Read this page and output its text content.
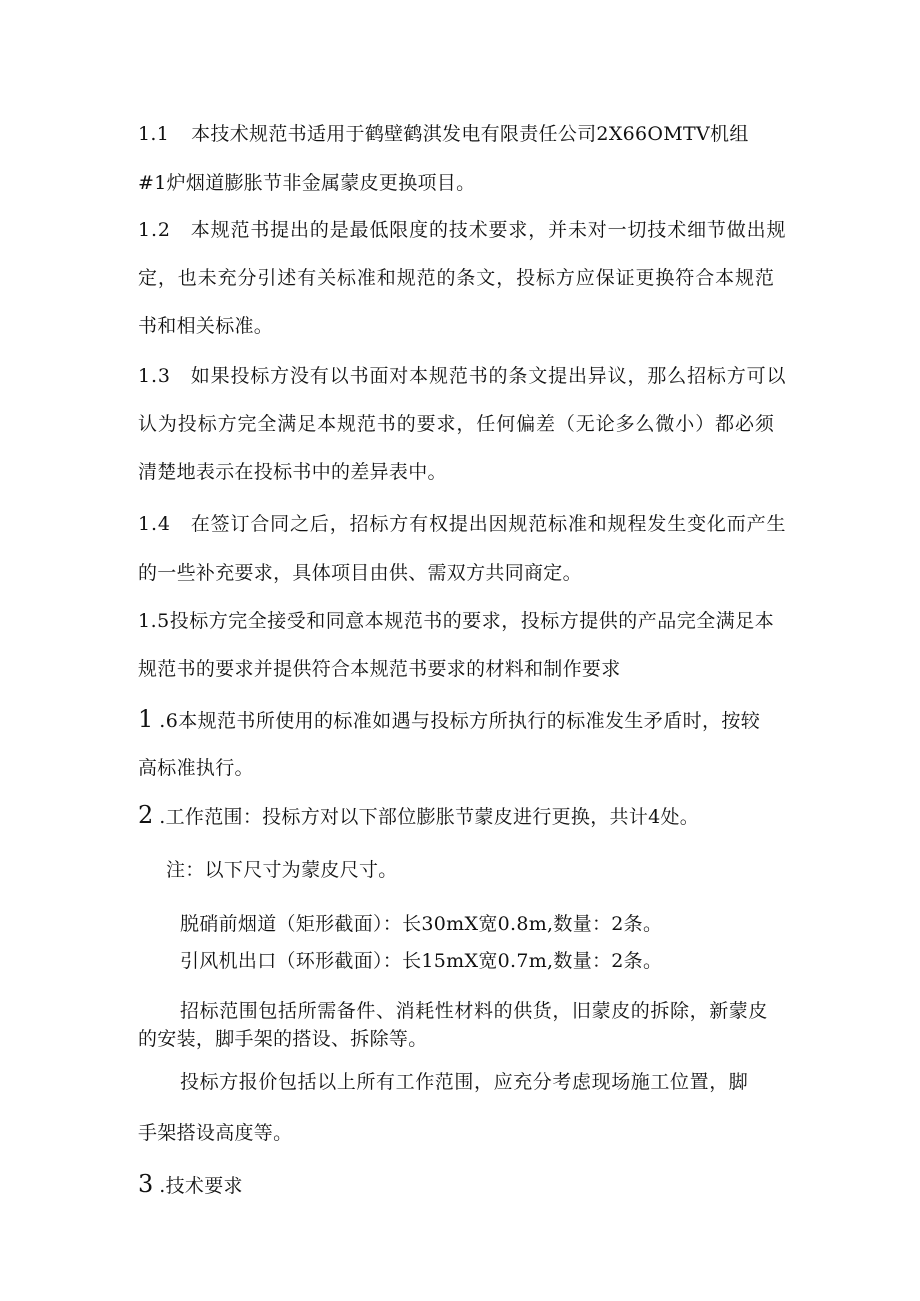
1.1 本技术规范书适用于鹤壁鹤淇发电有限责任公司2X66OMTV机组
#1炉烟道膨胀节非金属蒙皮更换项目。
1.2 本规范书提出的是最低限度的技术要求，并未对一切技术细节做出规
定，也未充分引述有关标准和规范的条文，投标方应保证更换符合本规范
书和相关标准。
1.3 如果投标方没有以书面对本规范书的条文提出异议，那么招标方可以
认为投标方完全满足本规范书的要求，任何偏差（无论多么微小）都必须
清楚地表示在投标书中的差异表中。
1.4 在签订合同之后，招标方有权提出因规范标准和规程发生变化而产生
的一些补充要求，具体项目由供、需双方共同商定。
1.5投标方完全接受和同意本规范书的要求，投标方提供的产品完全满足本
规范书的要求并提供符合本规范书要求的材料和制作要求
1 .6本规范书所使用的标准如遇与投标方所执行的标准发生矛盾时，按较
高标准执行。
2 .工作范围：投标方对以下部位膨胀节蒙皮进行更换，共计4处。
注：以下尺寸为蒙皮尺寸。
脱硝前烟道（矩形截面）：长30mX宽0.8m,数量：2条。
引风机出口（环形截面）：长15mX宽0.7m,数量：2条。
招标范围包括所需备件、消耗性材料的供货，旧蒙皮的拆除，新蒙皮
的安装，脚手架的搭设、拆除等。
投标方报价包括以上所有工作范围，应充分考虑现场施工位置，脚
手架搭设高度等。
3 .技术要求
